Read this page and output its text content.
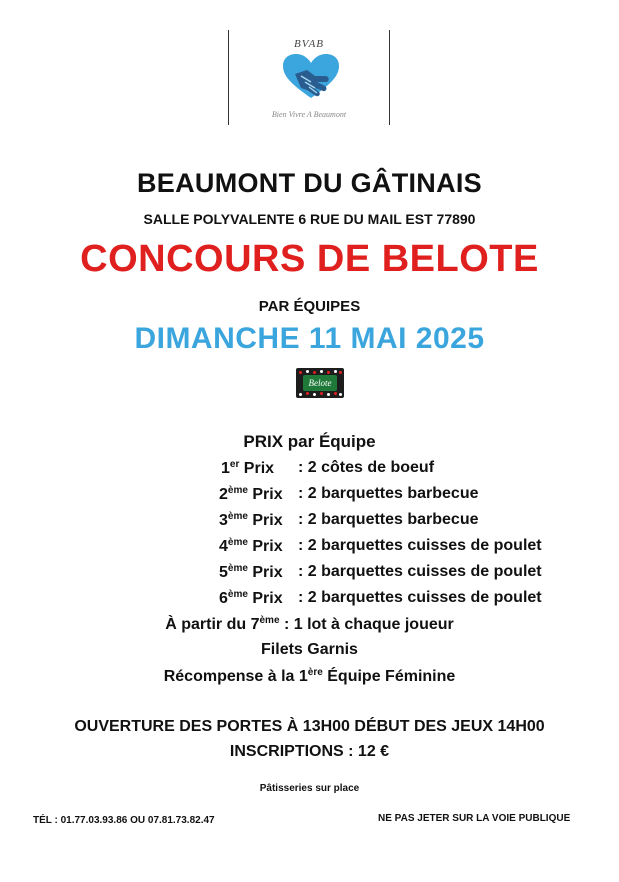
BVAB
Bien Vivre A Beaumont
BEAUMONT DU GÂTINAIS
SALLE POLYVALENTE 6 RUE DU MAIL EST 77890
CONCOURS DE BELOTE
PAR ÉQUIPES
DIMANCHE 11 MAI 2025
Belote
PRIX par Équipe
1er Prix : 2 côtes de boeuf
2ème Prix : 2 barquettes barbecue
3ème Prix : 2 barquettes barbecue
4ème Prix : 2 barquettes cuisses de poulet
5ème Prix : 2 barquettes cuisses de poulet
6ème Prix : 2 barquettes cuisses de poulet
À partir du 7ème : 1 lot à chaque joueur
Filets Garnis
Récompense à la 1ère Équipe Féminine
OUVERTURE DES PORTES À 13H00 DÉBUT DES JEUX 14H00
INSCRIPTIONS : 12 €
Pâtisseries sur place
TÉL : 01.77.03.93.86 OU 07.81.73.82.47	NE PAS JETER SUR LA VOIE PUBLIQUE
